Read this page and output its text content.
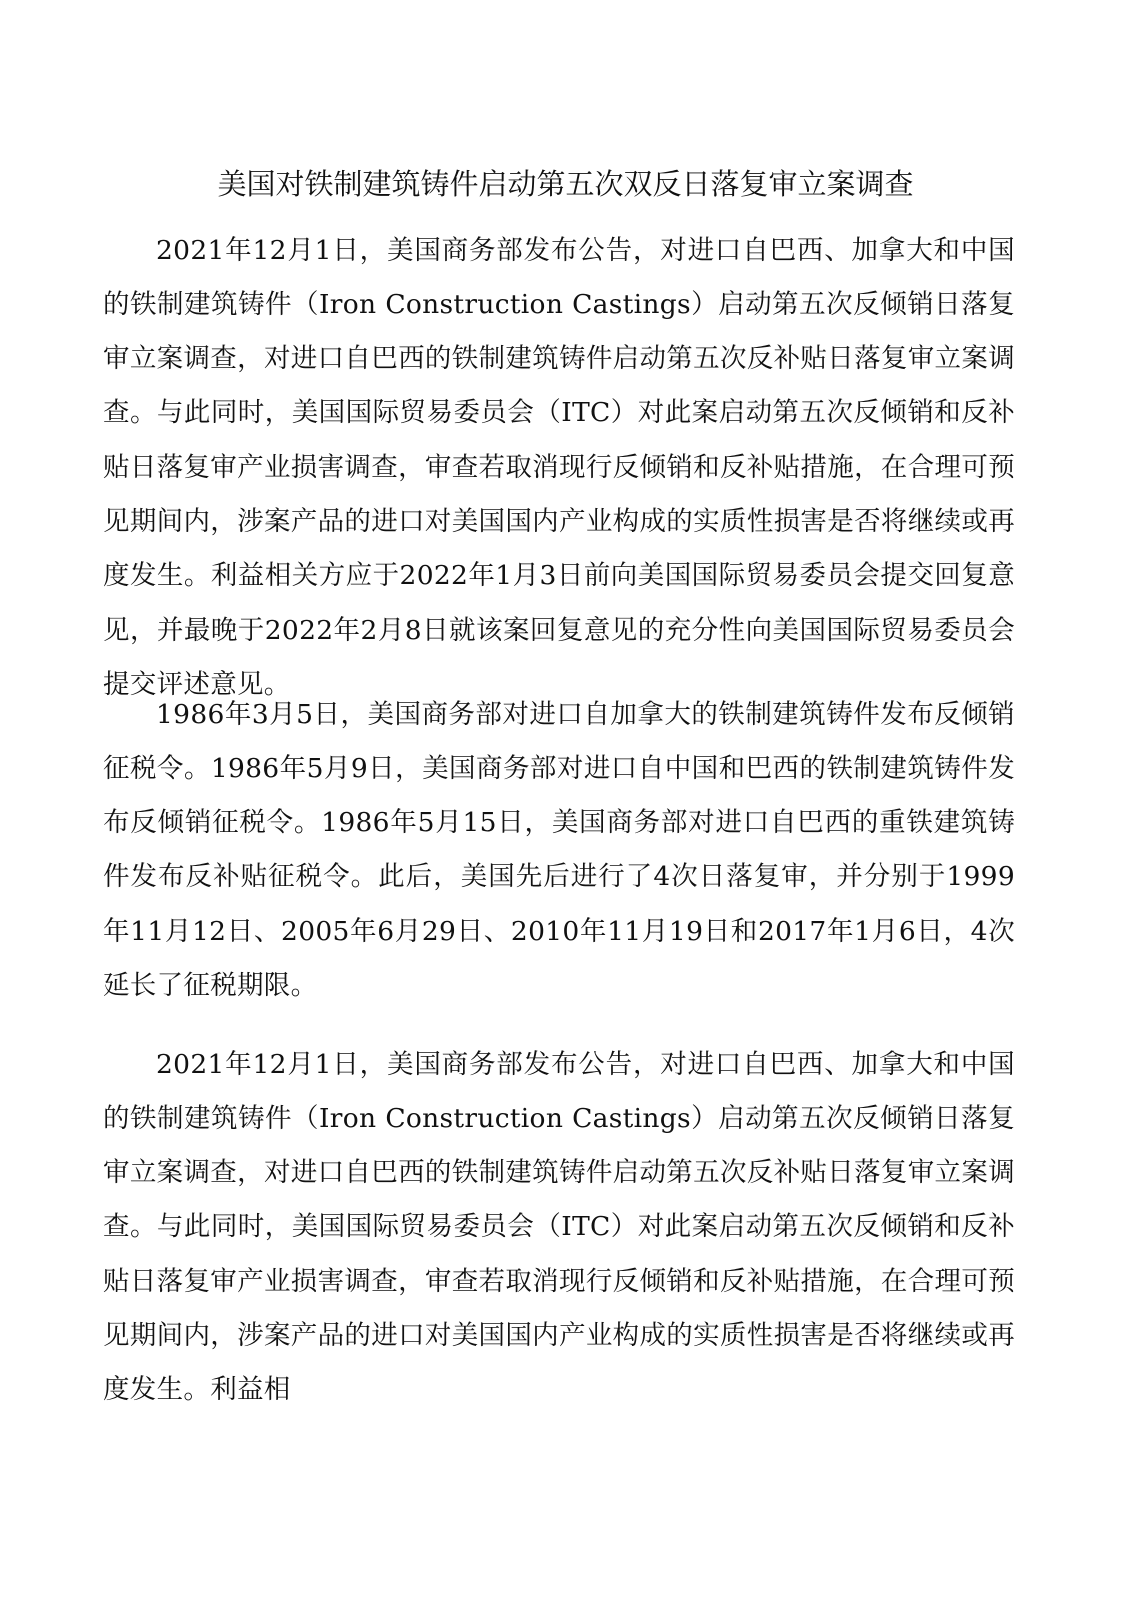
美国对铁制建筑铸件启动第五次双反日落复审立案调查

2021年12月1日，美国商务部发布公告，对进口自巴西、加拿大和中国的铁制建筑铸件（Iron Construction Castings）启动第五次反倾销日落复审立案调查，对进口自巴西的铁制建筑铸件启动第五次反补贴日落复审立案调查。与此同时，美国国际贸易委员会（ITC）对此案启动第五次反倾销和反补贴日落复审产业损害调查，审查若取消现行反倾销和反补贴措施，在合理可预见期间内，涉案产品的进口对美国国内产业构成的实质性损害是否将继续或再度发生。利益相关方应于2022年1月3日前向美国国际贸易委员会提交回复意见，并最晚于2022年2月8日就该案回复意见的充分性向美国国际贸易委员会提交评述意见。

1986年3月5日，美国商务部对进口自加拿大的铁制建筑铸件发布反倾销征税令。1986年5月9日，美国商务部对进口自中国和巴西的铁制建筑铸件发布反倾销征税令。1986年5月15日，美国商务部对进口自巴西的重铁建筑铸件发布反补贴征税令。此后，美国先后进行了4次日落复审，并分别于1999年11月12日、2005年6月29日、2010年11月19日和2017年1月6日，4次延长了征税期限。

2021年12月1日，美国商务部发布公告，对进口自巴西、加拿大和中国的铁制建筑铸件（Iron Construction Castings）启动第五次反倾销日落复审立案调查，对进口自巴西的铁制建筑铸件启动第五次反补贴日落复审立案调查。与此同时，美国国际贸易委员会（ITC）对此案启动第五次反倾销和反补贴日落复审产业损害调查，审查若取消现行反倾销和反补贴措施，在合理可预见期间内，涉案产品的进口对美国国内产业构成的实质性损害是否将继续或再度发生。利益相
